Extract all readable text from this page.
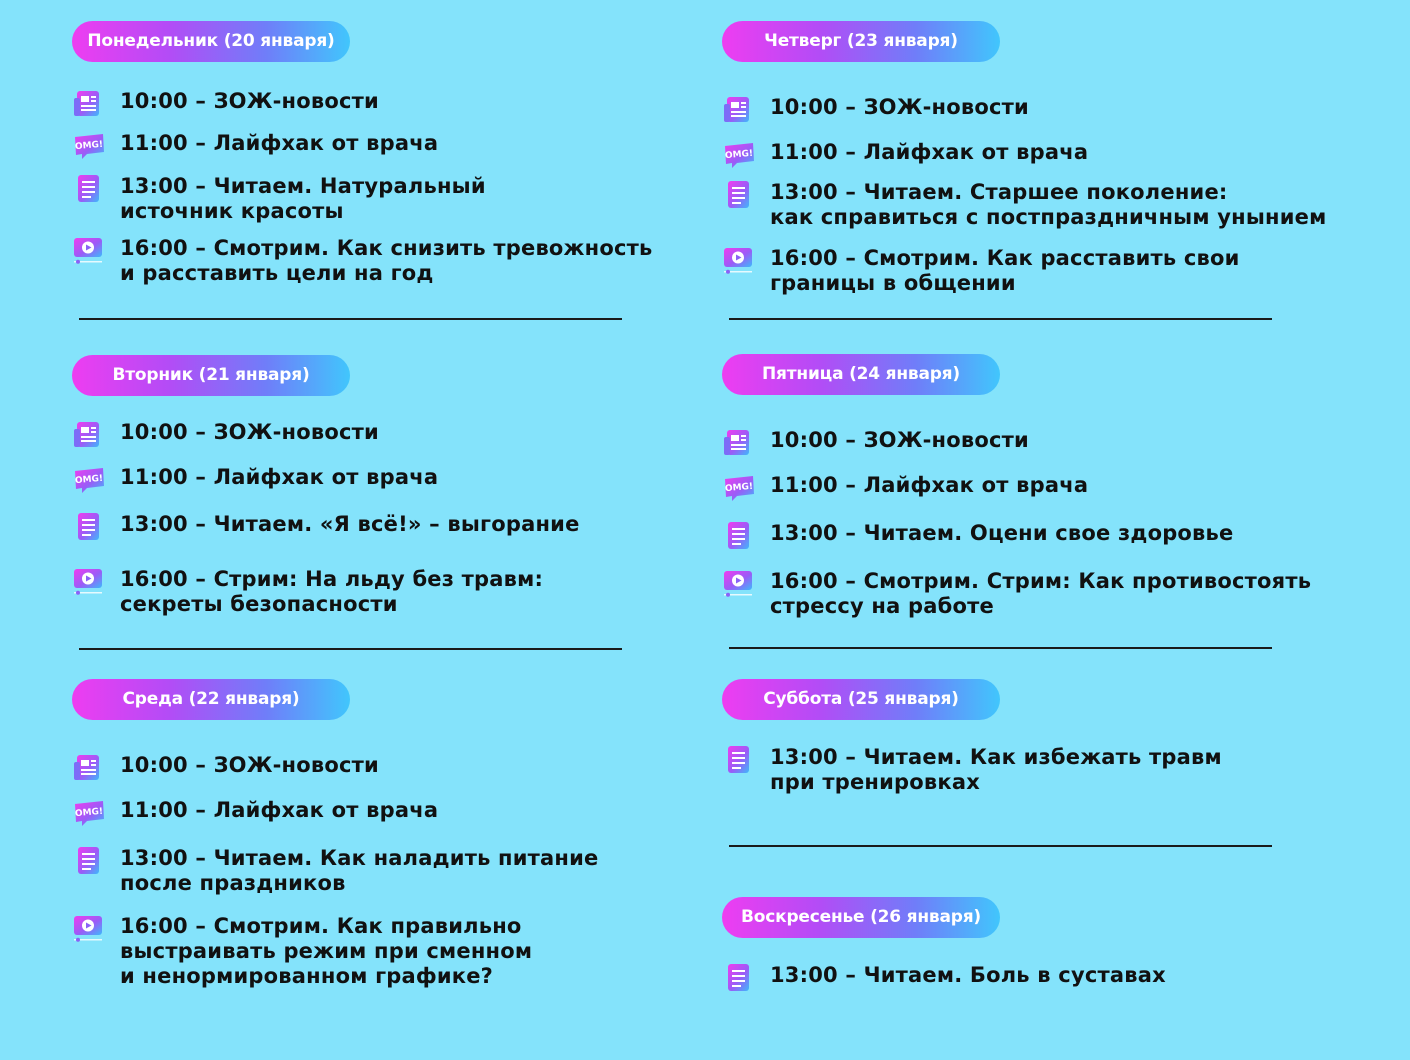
Понедельник (20 января)
10:00 – ЗОЖ-новости
OMG! 11:00 – Лайфхак от врача
13:00 – Читаем. Натуральный
источник красоты
16:00 – Смотрим. Как снизить тревожность
и расставить цели на год
Вторник (21 января)
10:00 – ЗОЖ-новости
OMG! 11:00 – Лайфхак от врача
13:00 – Читаем. «Я всё!» – выгорание
16:00 – Стрим: На льду без травм:
секреты безопасности
Среда (22 января)
10:00 – ЗОЖ-новости
OMG! 11:00 – Лайфхак от врача
13:00 – Читаем. Как наладить питание
после праздников
16:00 – Смотрим. Как правильно
выстраивать режим при сменном
и ненормированном графике?
Четверг (23 января)
10:00 – ЗОЖ-новости
OMG! 11:00 – Лайфхак от врача
13:00 – Читаем. Старшее поколение:
как справиться с постпраздничным унынием
16:00 – Смотрим. Как расставить свои
границы в общении
Пятница (24 января)
10:00 – ЗОЖ-новости
OMG! 11:00 – Лайфхак от врача
13:00 – Читаем. Оцени свое здоровье
16:00 – Смотрим. Стрим: Как противостоять
стрессу на работе
Суббота (25 января)
13:00 – Читаем. Как избежать травм
при тренировках
Воскресенье (26 января)
13:00 – Читаем. Боль в суставах
